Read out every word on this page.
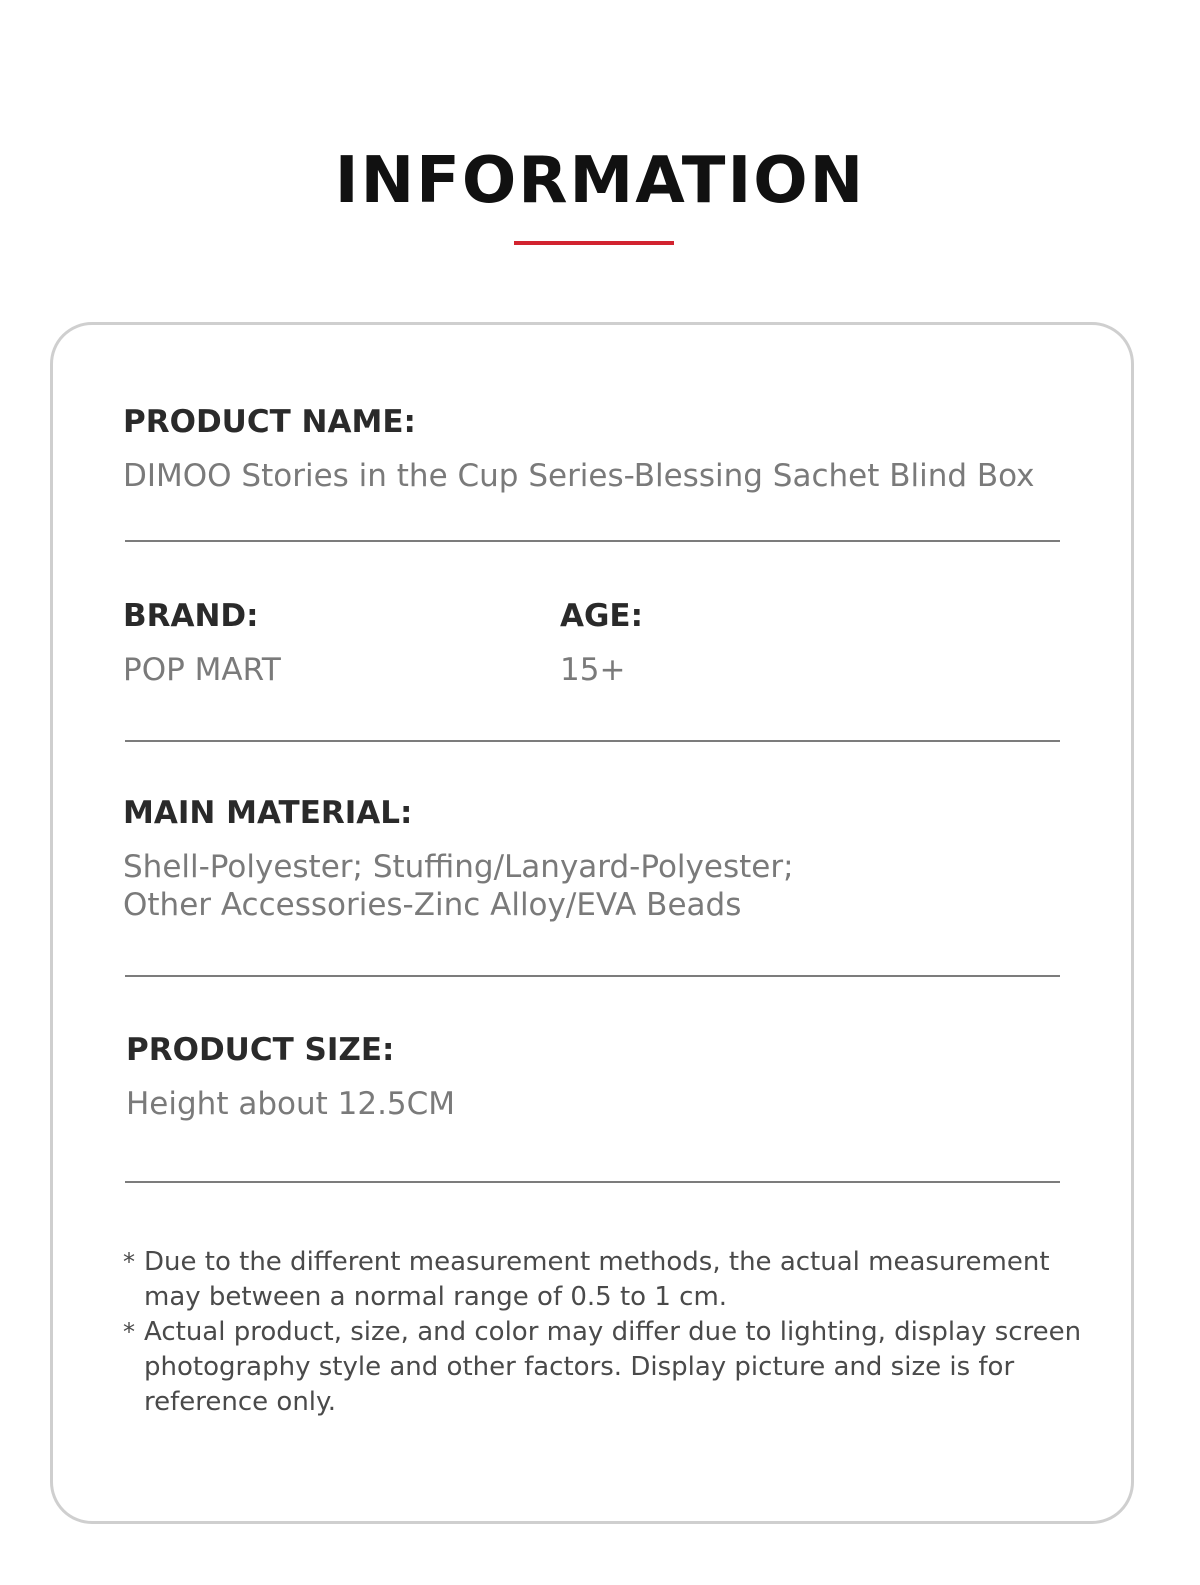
INFORMATION
PRODUCT NAME:
DIMOO Stories in the Cup Series-Blessing Sachet Blind Box
BRAND:
POP MART
AGE:
15+
MAIN MATERIAL:
Shell-Polyester; Stuffing/Lanyard-Polyester;
Other Accessories-Zinc Alloy/EVA Beads
PRODUCT SIZE:
Height about 12.5CM
* Due to the different measurement methods, the actual measurement may between a normal range of 0.5 to 1 cm.
* Actual product, size, and color may differ due to lighting, display screen photography style and other factors. Display picture and size is for reference only.
